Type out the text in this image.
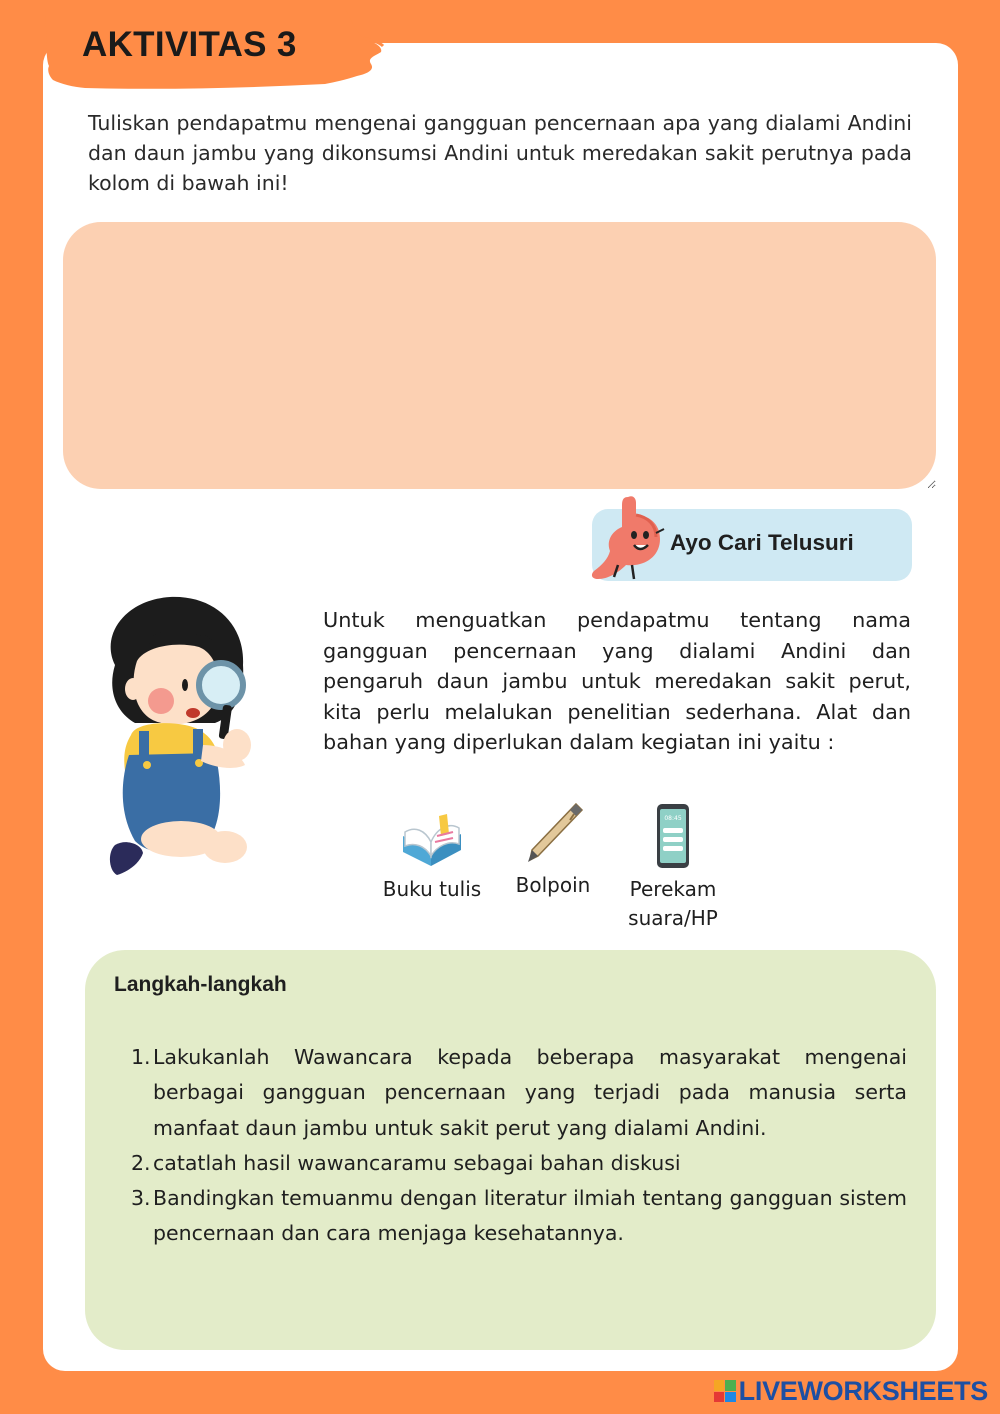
AKTIVITAS 3
Tuliskan pendapatmu mengenai gangguan pencernaan apa yang dialami Andini dan daun jambu yang dikonsumsi Andini untuk meredakan sakit perutnya pada kolom di bawah ini!
Ayo Cari Telusuri
Untuk menguatkan pendapatmu tentang nama gangguan pencernaan yang dialami Andini dan pengaruh daun jambu untuk meredakan sakit perut, kita perlu melalukan penelitian sederhana. Alat dan bahan yang diperlukan dalam kegiatan ini yaitu :
Buku tulis	Bolpoin
08:45
Perekam
suara/HP
Langkah-langkah
1. Lakukanlah Wawancara kepada beberapa masyarakat mengenai berbagai gangguan pencernaan yang terjadi pada manusia serta manfaat daun jambu untuk sakit perut yang dialami Andini.
2. catatlah hasil wawancaramu sebagai bahan diskusi
3. Bandingkan temuanmu dengan literatur ilmiah tentang gangguan sistem pencernaan dan cara menjaga kesehatannya.
LIVEWORKSHEETS
